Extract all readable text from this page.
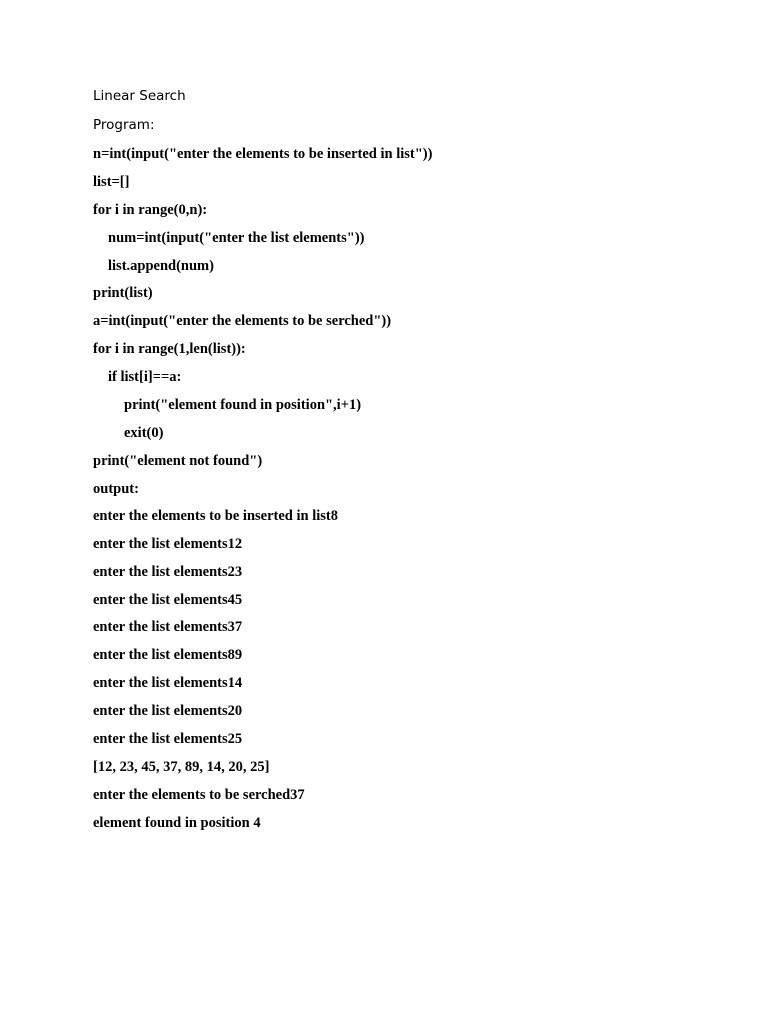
Linear Search
Program:
n=int(input("enter the elements to be inserted in list"))
list=[]
for i in range(0,n):
num=int(input("enter the list elements"))
list.append(num)
print(list)
a=int(input("enter the elements to be serched"))
for i in range(1,len(list)):
if list[i]==a:
print("element found in position",i+1)
exit(0)
print("element not found")
output:
enter the elements to be inserted in list8
enter the list elements12
enter the list elements23
enter the list elements45
enter the list elements37
enter the list elements89
enter the list elements14
enter the list elements20
enter the list elements25
[12, 23, 45, 37, 89, 14, 20, 25]
enter the elements to be serched37
element found in position 4
